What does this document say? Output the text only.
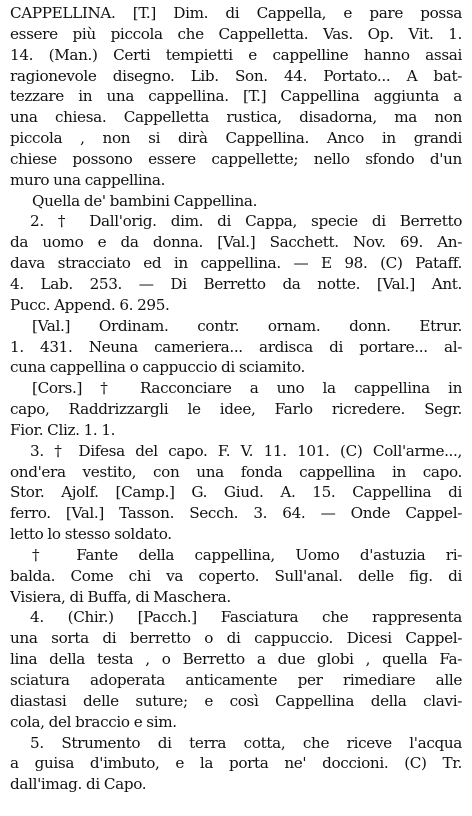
CAPPELLINA. [T.] Dim. di Cappella, e pare possa
essere più piccola che Cappelletta. Vas. Op. Vit. 1.
14. (Man.) Certi tempietti e cappelline hanno assai
ragionevole disegno. Lib. Son. 44. Portato... A bat-
tezzare in una cappellina. [T.] Cappellina aggiunta a
una chiesa. Cappelletta rustica, disadorna, ma non
piccola , non si dirà Cappellina. Anco in grandi
chiese possono essere cappellette; nello sfondo d'un
muro una cappellina.
Quella de' bambini Cappellina.
2. † Dall'orig. dim. di Cappa, specie di Berretto
da uomo e da donna. [Val.] Sacchett. Nov. 69. An-
dava stracciato ed in cappellina. — E 98. (C) Pataff.
4. Lab. 253. — Di Berretto da notte. [Val.] Ant.
Pucc. Append. 6. 295.
[Val.] Ordinam. contr. ornam. donn. Etrur.
1. 431. Neuna cameriera... ardisca di portare... al-
cuna cappellina o cappuccio di sciamito.
[Cors.] † Racconciare a uno la cappellina in
capo, Raddrizzargli le idee, Farlo ricredere. Segr.
Fior. Cliz. 1. 1.
3. † Difesa del capo. F. V. 11. 101. (C) Coll'arme...,
ond'era vestito, con una fonda cappellina in capo.
Stor. Ajolf. [Camp.] G. Giud. A. 15. Cappellina di
ferro. [Val.] Tasson. Secch. 3. 64. — Onde Cappel-
letto lo stesso soldato.
† Fante della cappellina, Uomo d'astuzia ri-
balda. Come chi va coperto. Sull'anal. delle fig. di
Visiera, di Buffa, di Maschera.
4. (Chir.) [Pacch.] Fasciatura che rappresenta
una sorta di berretto o di cappuccio. Dicesi Cappel-
lina della testa , o Berretto a due globi , quella Fa-
sciatura adoperata anticamente per rimediare alle
diastasi delle suture; e così Cappellina della clavi-
cola, del braccio e sim.
5. Strumento di terra cotta, che riceve l'acqua
a guisa d'imbuto, e la porta ne' doccioni. (C) Tr.
dall'imag. di Capo.
